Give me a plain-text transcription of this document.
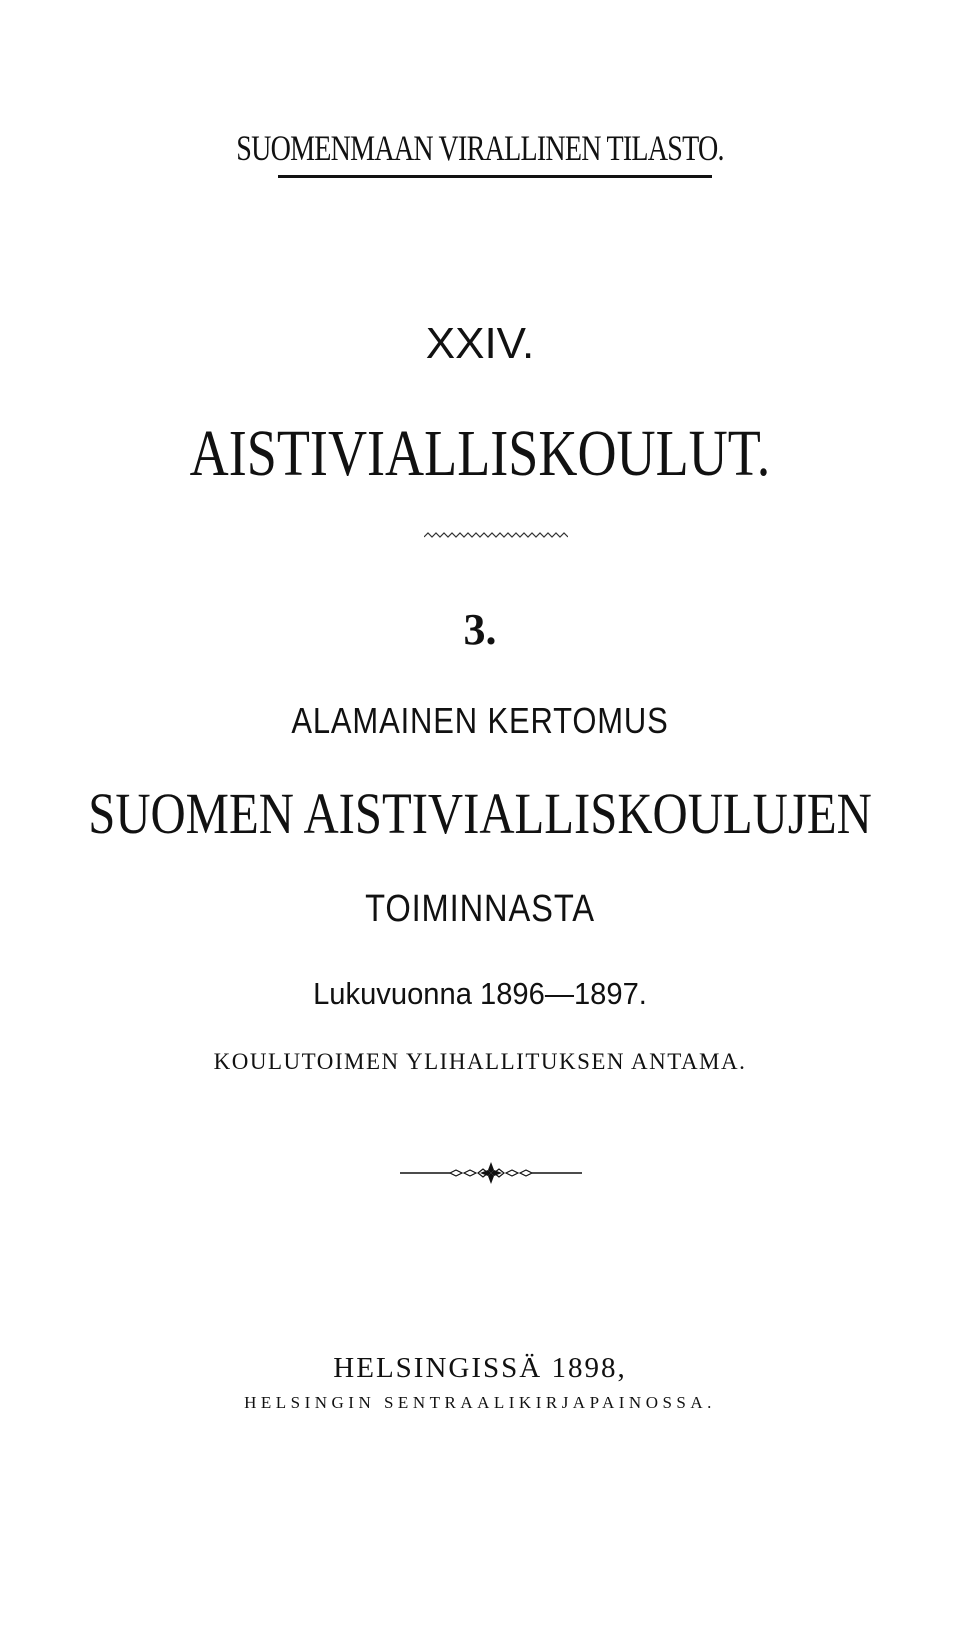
SUOMENMAAN VIRALLINEN TILASTO.
XXIV.
AISTIVIALLISKOULUT.
3.
ALAMAINEN KERTOMUS
SUOMEN AISTIVIALLISKOULUJEN
TOIMINNASTA
Lukuvuonna 1896—1897.
KOULUTOIMEN YLIHALLITUKSEN ANTAMA.
HELSINGISSÄ 1898,
HELSINGIN SENTRAALIKIRJAPAINOSSA.
